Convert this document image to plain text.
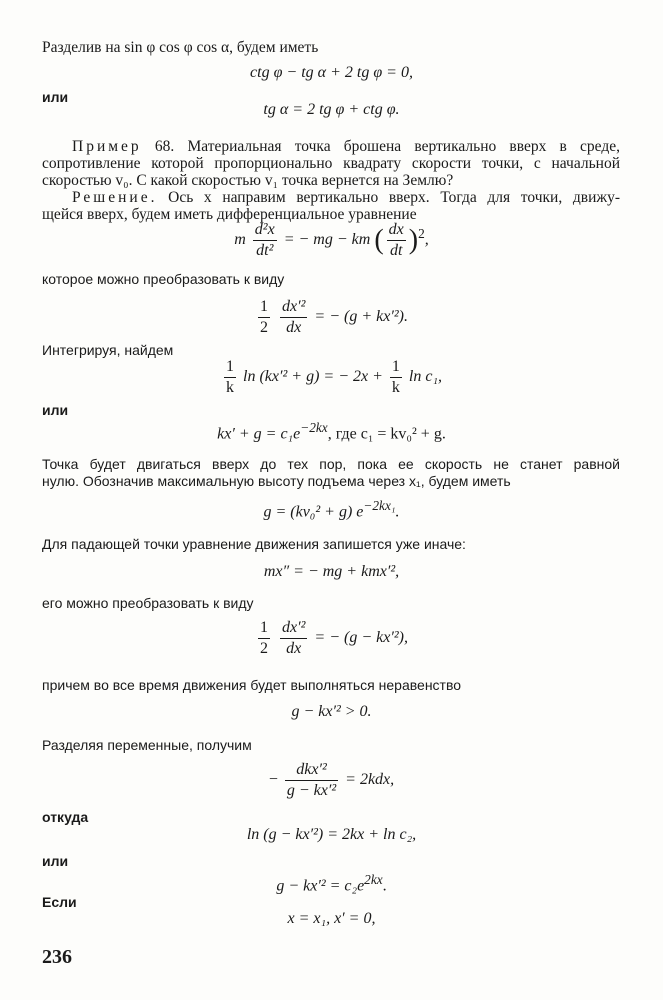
Разделив на sin φ cos φ cos α, будем иметь
ctg φ − tg α + 2 tg φ = 0,
или
tg α = 2 tg φ + ctg φ.
Пример 68. Материальная точка брошена вертикально вверх в среде,
сопротивление которой пропорционально квадрату скорости точки, с начальной
скоростью v₀. С какой скоростью v₁ точка вернется на Землю?
Решение. Ось x направим вертикально вверх. Тогда для точки, движу-
щейся вверх, будем иметь дифференциальное уравнение
m $\frac{\text{d²x}}{\text{dt²}}$ = − mg − km ( $\frac{dx}{dt} )^2$,
которое можно преобразовать к виду
$\frac{1}{2}$
$\frac{\text{dx′²}}{dx}$ = − (g + kx′²).
Интегрируя, найдем
$\frac{1}{k}$ ln (kx′² + g) = − $2x + \frac{1}{k}$ ln c₁,
или
$kx' + g = c_1e^{-2kx}$, где c₁ = kv₀² + g.
Точка будет двигаться вверх до тех пор, пока ее скорость не станет равной
нулю. Обозначив максимальную высоту подъема через x₁, будем иметь
g = (kv₀² + g) $e^{-2kx_1}$.
Для падающей точки уравнение движения запишется уже иначе:
mx″ = − mg + kmx′²,
его можно преобразовать к виду
$\frac{1}{2}$
$\frac{\text{dx′²}}{dx}$ = − (g − kx′²),
причем во все время движения будет выполняться неравенство
g − kx′² > 0.
Разделяя переменные, получим
− $\frac{\text{dkx′²}}{\text{g − kx′²}} = 2kdx$,
откуда
ln (g − kx′²) = 2kx + ln c₂,
или
$g - kx'^2 = c_2e^{2kx}$.
Если
x = x₁, x′ = 0,
236
